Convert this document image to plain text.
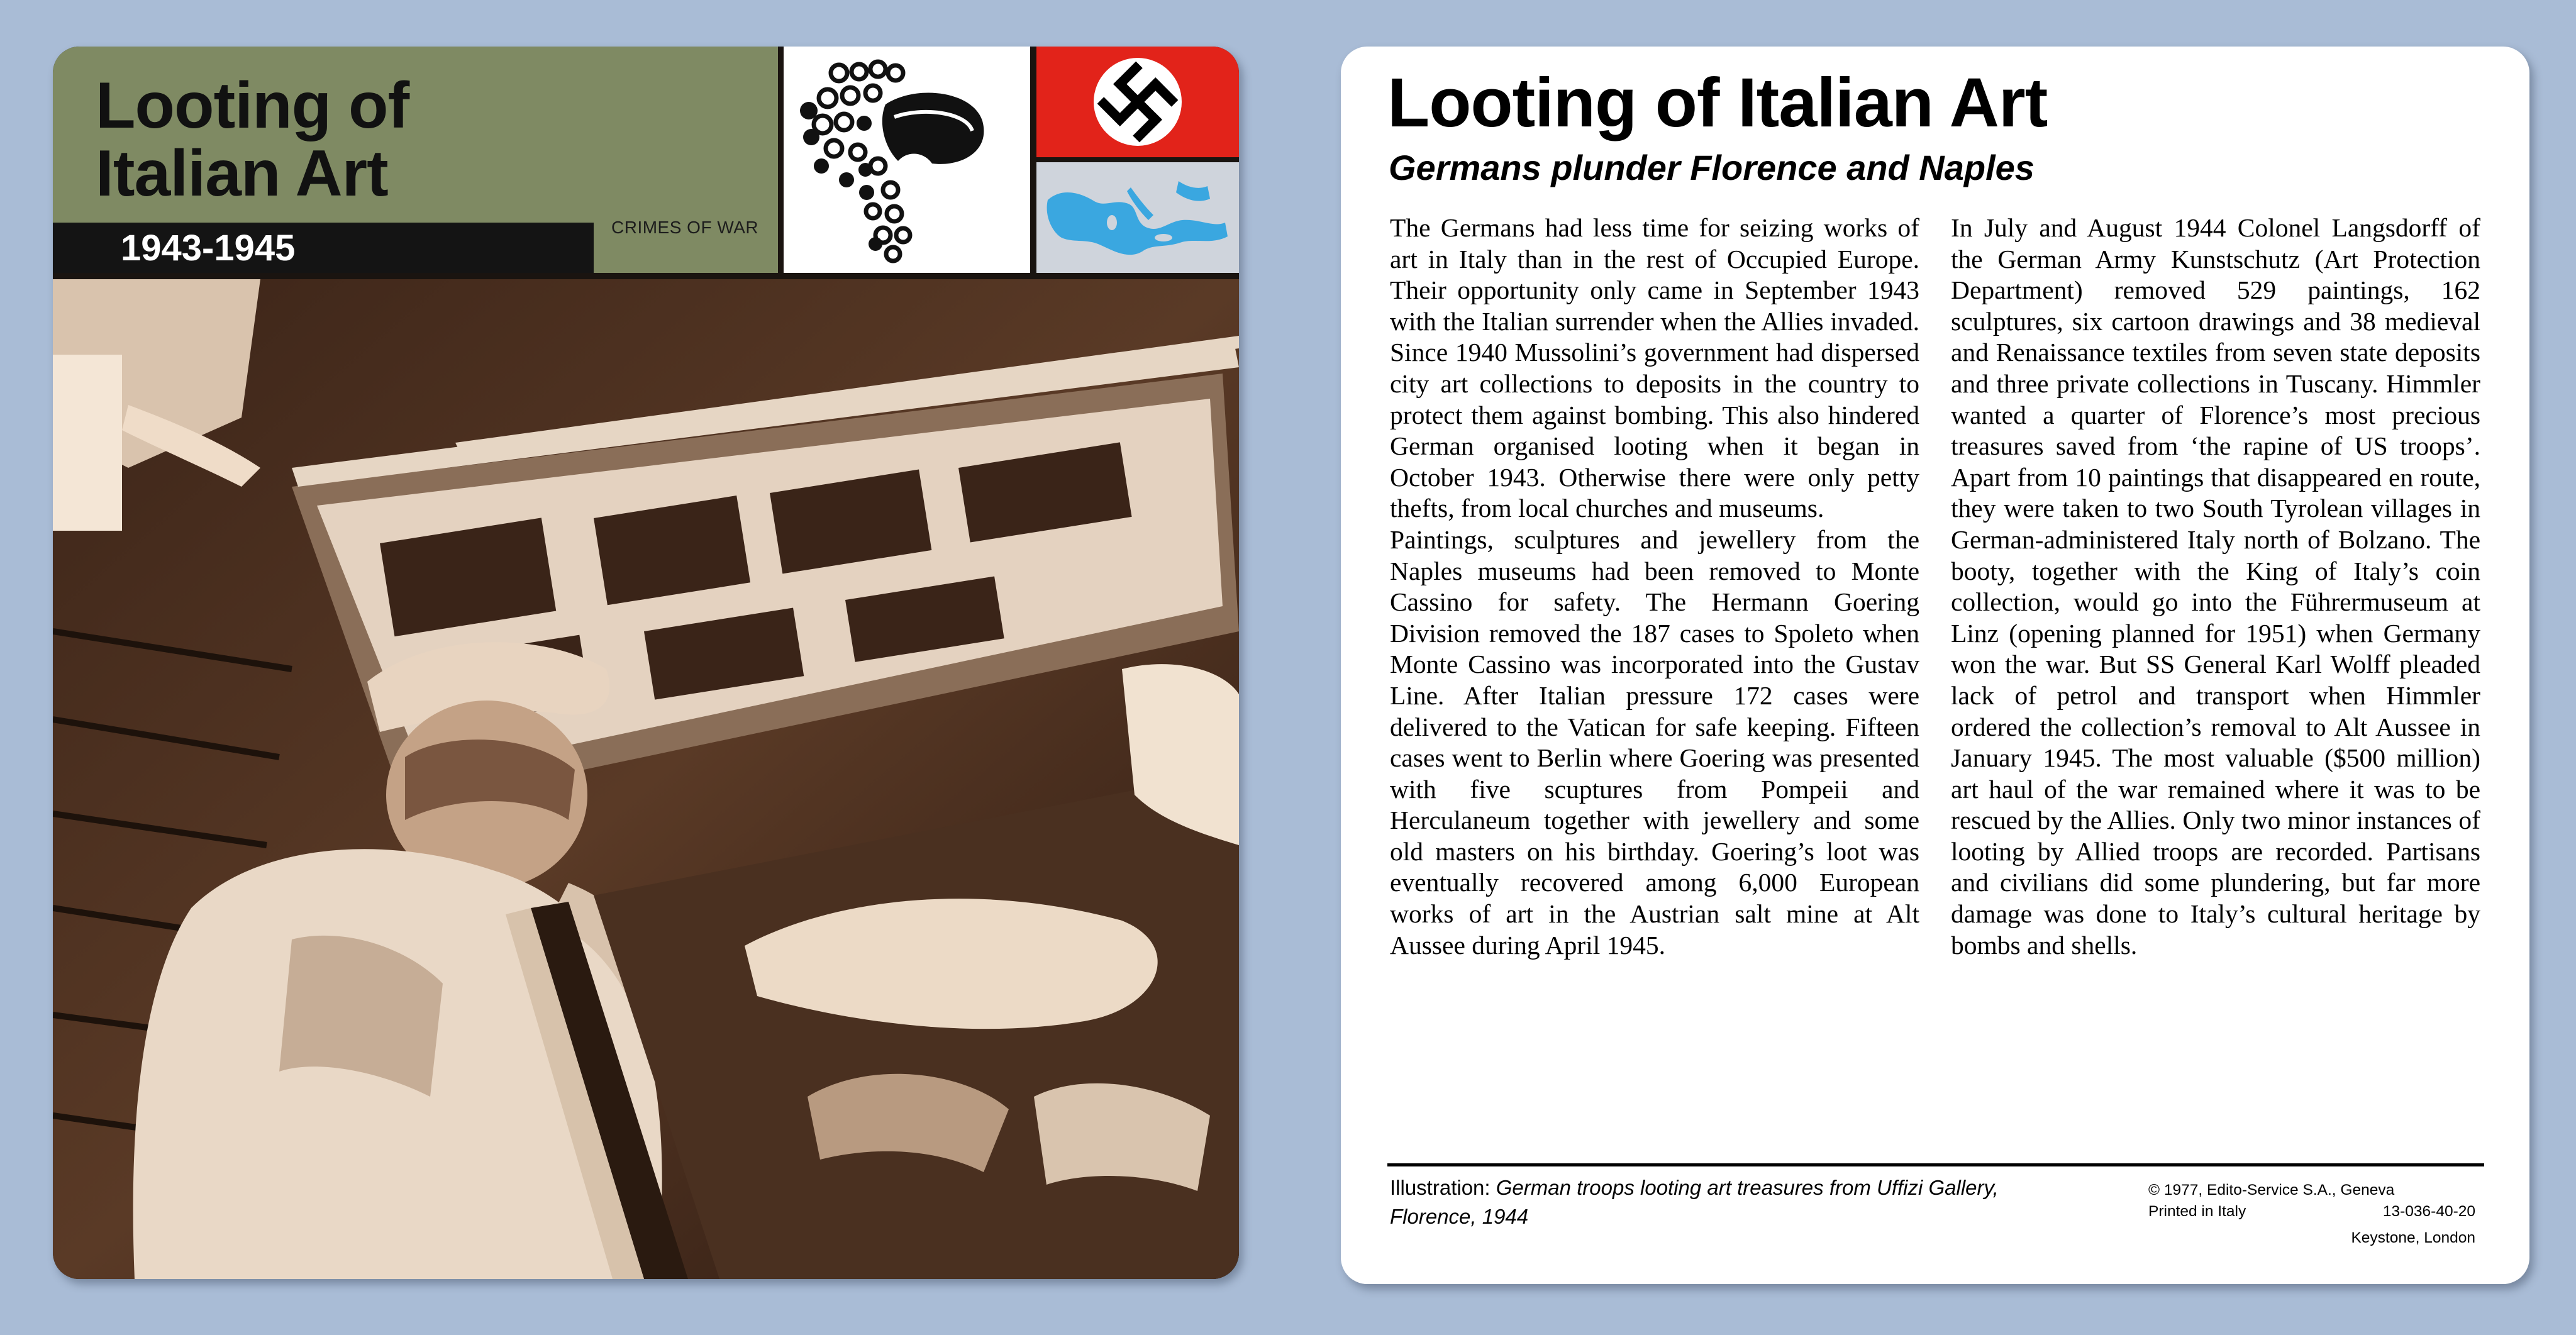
Looting of
Italian Art
1943-1945
CRIMES OF WAR
Looting of Italian Art
Germans plunder Florence and Naples

The Germans had less time for seizing works of art in Italy than in the rest of Occupied Europe. Their opportunity only came in September 1943 with the Italian surrender when the Allies invaded. Since 1940 Mussolini’s government had dispersed city art collections to deposits in the country to protect them against bombing. This also hindered German organised looting when it began in October 1943. Otherwise there were only petty thefts, from local churches and museums.

Paintings, sculptures and jewellery from the Naples museums had been removed to Monte Cassino for safety. The Hermann Goering Division removed the 187 cases to Spoleto when Monte Cassino was incorporated into the Gustav Line. After Italian pressure 172 cases were delivered to the Vatican for safe keeping. Fifteen cases went to Berlin where Goering was presented with five scuptures from Pompeii and Herculaneum together with jewellery and some old masters on his birthday. Goering’s loot was eventually recovered among 6,000 European works of art in the Austrian salt mine at Alt Aussee during April 1945.

In July and August 1944 Colonel Langsdorff of the German Army Kunstschutz (Art Protection Department) removed 529 paintings, 162 sculptures, six cartoon drawings and 38 medieval and Renaissance textiles from seven state deposits and three private collections in Tuscany. Himmler wanted a quarter of Florence’s most precious treasures saved from ‘the rapine of US troops’. Apart from 10 paintings that disappeared en route, they were taken to two South Tyrolean villages in German-administered Italy north of Bolzano. The booty, together with the King of Italy’s coin collection, would go into the Führermuseum at Linz (opening planned for 1951) when Germany won the war. But SS General Karl Wolff pleaded lack of petrol and transport when Himmler ordered the collection’s removal to Alt Aussee in January 1945. The most valuable ($500 million) art haul of the war remained where it was to be rescued by the Allies. Only two minor instances of looting by Allied troops are recorded. Partisans and civilians did some plundering, but far more damage was done to Italy’s cultural heritage by bombs and shells.

Illustration: German troops looting art treasures from Uffizi Gallery, Florence, 1944
© 1977, Edito-Service S.A., Geneva
Printed in Italy	13-036-40-20
Keystone, London
